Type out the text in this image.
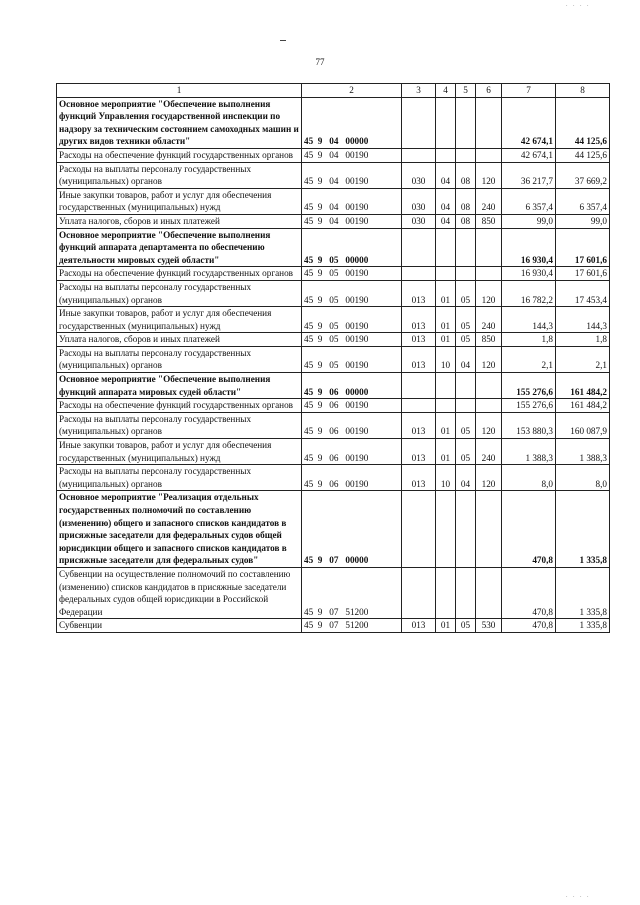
77
. . . .
. . . .
1	2	3	4	5	6	7	8
Основное мероприятие "Обеспечение выполнения функций Управления государственной инспекции по надзору за техническим состоянием самоходных машин и других видов техники области"	45  9   04   00000					42 674,1	44 125,6
Расходы на обеспечение функций государственных органов	45  9   04   00190					42 674,1	44 125,6
Расходы на выплаты персоналу государственных (муниципальных) органов	45  9   04   00190	030	04	08	120	36 217,7	37 669,2
Иные закупки товаров, работ и услуг для обеспечения государственных (муниципальных) нужд	45  9   04   00190	030	04	08	240	6 357,4	6 357,4
Уплата налогов, сборов и иных платежей	45  9   04   00190	030	04	08	850	99,0	99,0
Основное мероприятие "Обеспечение выполнения функций аппарата департамента по обеспечению деятельности мировых судей области"	45  9   05   00000					16 930,4	17 601,6
Расходы на обеспечение функций государственных органов	45  9   05   00190					16 930,4	17 601,6
Расходы на выплаты персоналу государственных (муниципальных) органов	45  9   05   00190	013	01	05	120	16 782,2	17 453,4
Иные закупки товаров, работ и услуг для обеспечения государственных (муниципальных) нужд	45  9   05   00190	013	01	05	240	144,3	144,3
Уплата налогов, сборов и иных платежей	45  9   05   00190	013	01	05	850	1,8	1,8
Расходы на выплаты персоналу государственных (муниципальных) органов	45  9   05   00190	013	10	04	120	2,1	2,1
Основное мероприятие "Обеспечение выполнения функций аппарата мировых судей области"	45  9   06   00000					155 276,6	161 484,2
Расходы на обеспечение функций государственных органов	45  9   06   00190					155 276,6	161 484,2
Расходы на выплаты персоналу государственных (муниципальных) органов	45  9   06   00190	013	01	05	120	153 880,3	160 087,9
Иные закупки товаров, работ и услуг для обеспечения государственных (муниципальных) нужд	45  9   06   00190	013	01	05	240	1 388,3	1 388,3
Расходы на выплаты персоналу государственных (муниципальных) органов	45  9   06   00190	013	10	04	120	8,0	8,0
Основное мероприятие "Реализация отдельных государственных полномочий по составлению (изменению) общего и запасного списков кандидатов в присяжные заседатели для федеральных судов общей юрисдикции общего и запасного списков кандидатов в присяжные заседатели для федеральных судов"	45  9   07   00000					470,8	1 335,8
Субвенции на осуществление полномочий по составлению (изменению) списков кандидатов в присяжные заседатели федеральных судов общей юрисдикции в Российской Федерации	45  9   07   51200					470,8	1 335,8
Субвенции	45  9   07   51200	013	01	05	530	470,8	1 335,8
